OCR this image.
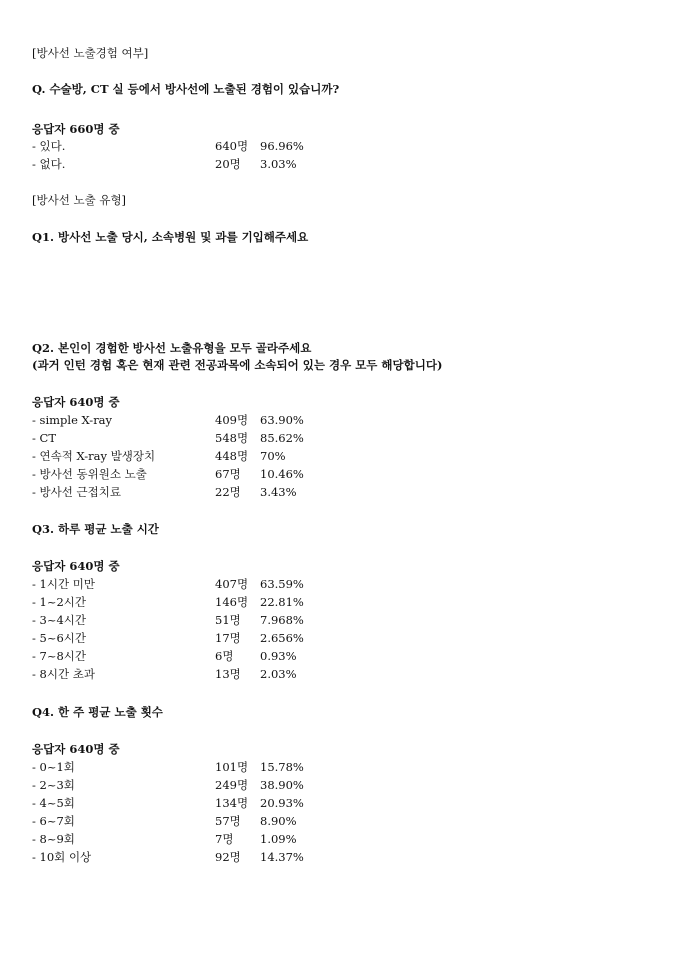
[방사선 노출경험 여부]
Q. 수술방, CT 실 등에서 방사선에 노출된 경험이 있습니까?
응답자 660명 중
- 있다.	640명 96.96%
- 없다.	20명 3.03%
[방사선 노출 유형]
Q1. 방사선 노출 당시, 소속병원 및 과를 기입해주세요
Q2. 본인이 경험한 방사선 노출유형을 모두 골라주세요
(과거 인턴 경험 혹은 현재 관련 전공과목에 소속되어 있는 경우 모두 해당합니다)
응답자 640명 중
- simple X-ray	409명 63.90%
- CT	548명 85.62%
- 연속적 X-ray 발생장치	448명 70%
- 방사선 동위원소 노출	67명 10.46%
- 방사선 근접치료	22명 3.43%
Q3. 하루 평균 노출 시간
응답자 640명 중
- 1시간 미만	407명 63.59%
- 1~2시간	146명 22.81%
- 3~4시간	51명 7.968%
- 5~6시간	17명 2.656%
- 7~8시간	6명 0.93%
- 8시간 초과	13명 2.03%
Q4. 한 주 평균 노출 횟수
응답자 640명 중
- 0~1회	101명 15.78%
- 2~3회	249명 38.90%
- 4~5회	134명 20.93%
- 6~7회	57명 8.90%
- 8~9회	7명 1.09%
- 10회 이상	92명 14.37%
